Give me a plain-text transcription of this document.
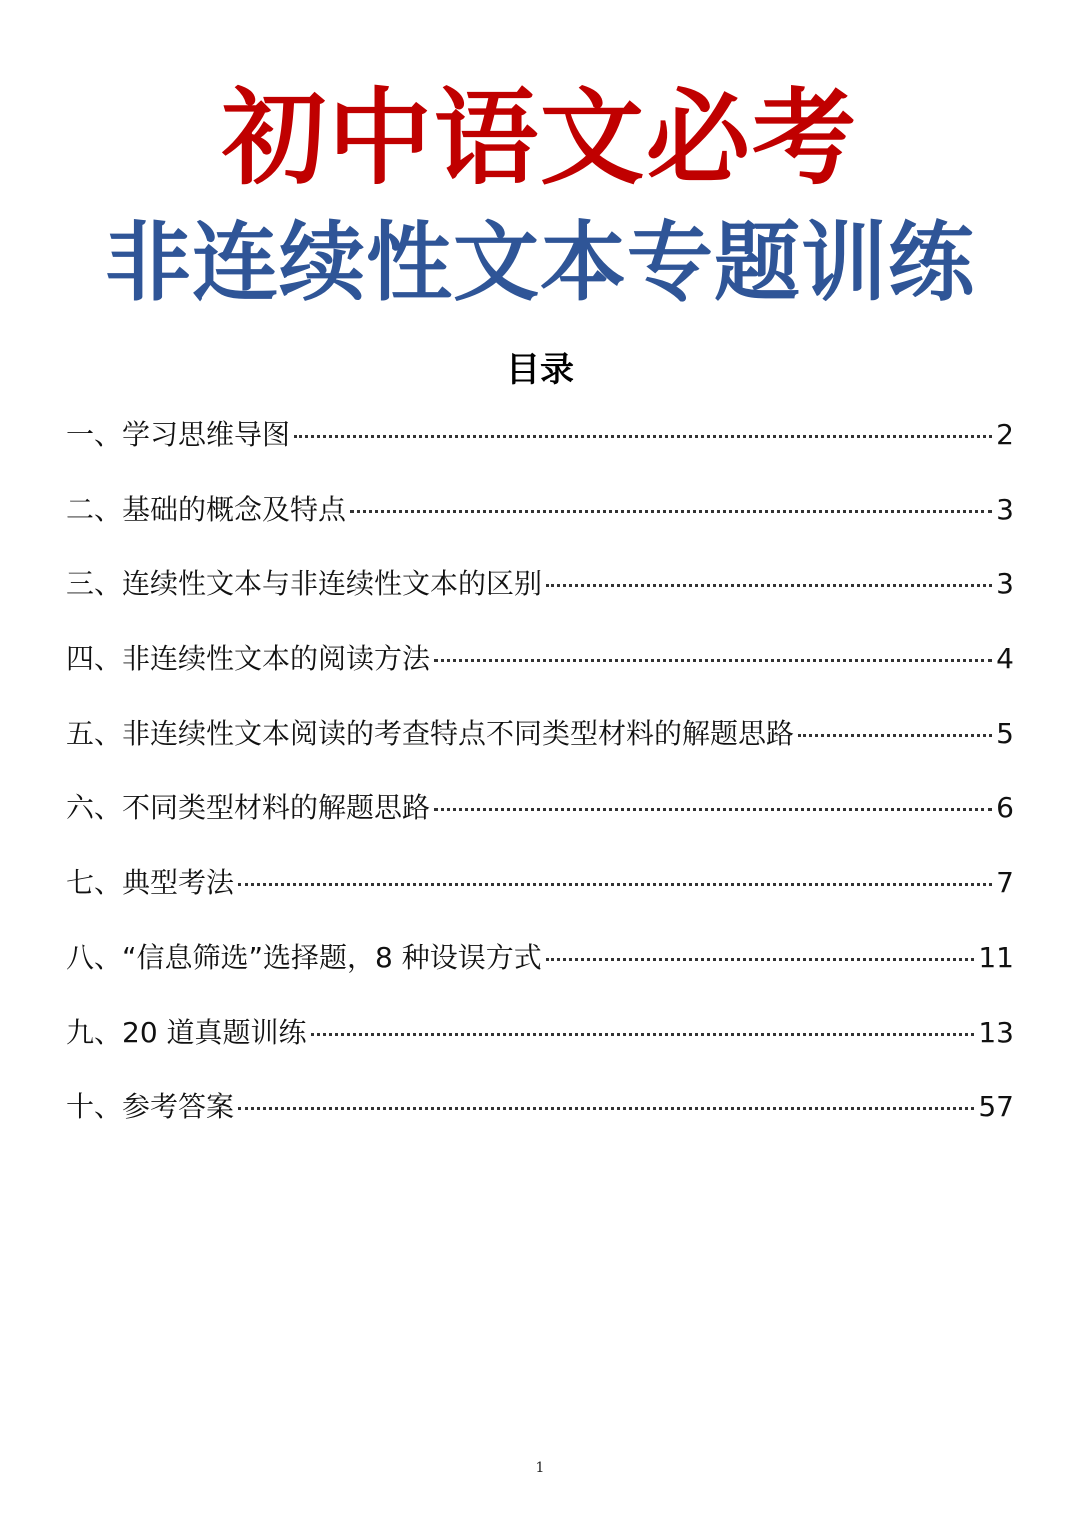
初中语文必考
非连续性文本专题训练
目录
一、学习思维导图	2
二、基础的概念及特点	3
三、连续性文本与非连续性文本的区别	3
四、非连续性文本的阅读方法	4
五、非连续性文本阅读的考查特点不同类型材料的解题思路	5
六、不同类型材料的解题思路	6
七、典型考法	7
八、“信息筛选”选择题，8 种设误方式	11
九、20 道真题训练	13
十、参考答案	57
1
